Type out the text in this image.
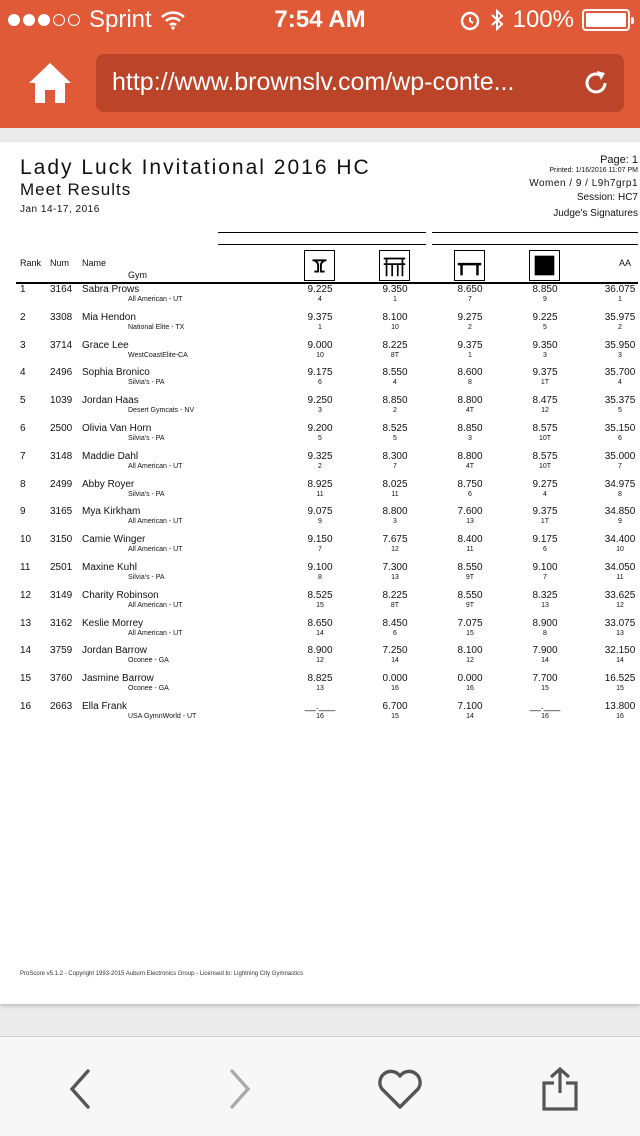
Sprint	7:54 AM	100%
http://www.brownslv.com/wp-conte...
Lady Luck Invitational 2016 HC
Meet Results
Jan 14-17, 2016
Page: 1
Printed: 1/16/2016 11:07 PM
Women / 9 / L9h7grp1
Session: HC7
Judge's Signatures
Rank Num Name
Gym
AA
1 3164 Sabra Prows
All American - UT
9.225
4
9.350
1
8.650
7
8.850
9
36.075
1
2 3308 Mia Hendon
National Elite - TX
9.375
1
8.100
10
9.275
2
9.225
5
35.975
2
3 3714 Grace Lee
WestCoastElite-CA
9.000
10
8.225
8T
9.375
1
9.350
3
35.950
3
4 2496 Sophia Bronico
Silvia's - PA
9.175
6
8.550
4
8.600
8
9.375
1T
35.700
4
5 1039 Jordan Haas
Desert Gymcats - NV
9.250
3
8.850
2
8.800
4T
8.475
12
35.375
5
6 2500 Olivia Van Horn
Silvia's - PA
9.200
5
8.525
5
8.850
3
8.575
10T
35.150
6
7 3148 Maddie Dahl
All American - UT
9.325
2
8.300
7
8.800
4T
8.575
10T
35.000
7
8 2499 Abby Royer
Silvia's - PA
8.925
11
8.025
11
8.750
6
9.275
4
34.975
8
9 3165 Mya Kirkham
All American - UT
9.075
9
8.800
3
7.600
13
9.375
1T
34.850
9
10 3150 Camie Winger
All American - UT
9.150
7
7.675
12
8.400
11
9.175
6
34.400
10
11 2501 Maxine Kuhl
Silvia's - PA
9.100
8
7.300
13
8.550
9T
9.100
7
34.050
11
12 3149 Charity Robinson
All American - UT
8.525
15
8.225
8T
8.550
9T
8.325
13
33.625
12
13 3162 Keslie Morrey
All American - UT
8.650
14
8.450
6
7.075
15
8.900
8
33.075
13
14 3759 Jordan Barrow
Oconee - GA
8.900
12
7.250
14
8.100
12
7.900
14
32.150
14
15 3760 Jasmine Barrow
Oconee - GA
8.825
13
0.000
16
0.000
16
7.700
15
16.525
15
16 2663 Ella Frank
USA GymnWorld - UT
__.___
16
6.700
15
7.100
14
__.___
16
13.800
16
ProScore v5.1.2 - Copyright 1993-2015 Auburn Electronics Group - Licensed to: Lightning City Gymnastics
